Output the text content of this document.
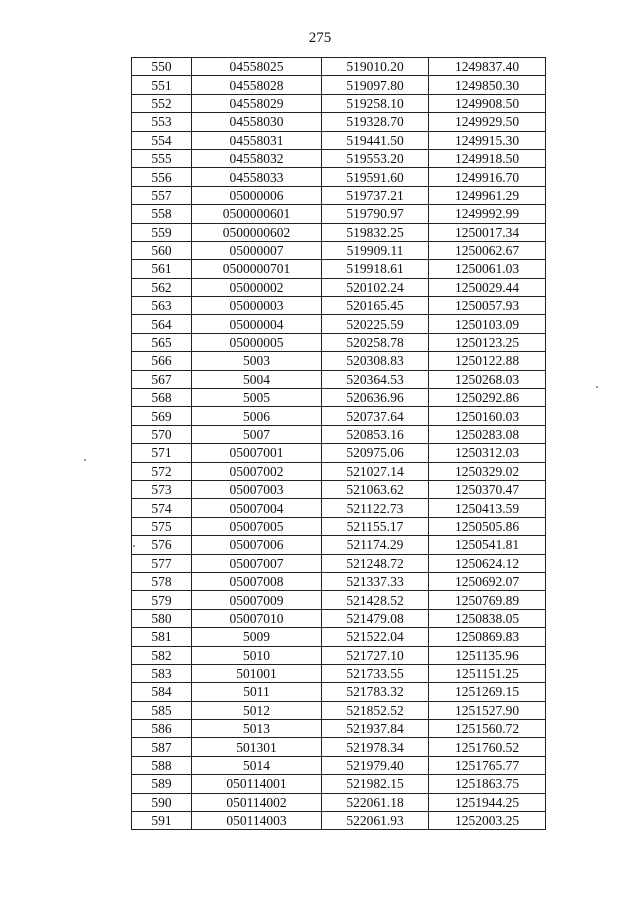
275
550	04558025	519010.20	1249837.40
551	04558028	519097.80	1249850.30
552	04558029	519258.10	1249908.50
553	04558030	519328.70	1249929.50
554	04558031	519441.50	1249915.30
555	04558032	519553.20	1249918.50
556	04558033	519591.60	1249916.70
557	05000006	519737.21	1249961.29
558	0500000601	519790.97	1249992.99
559	0500000602	519832.25	1250017.34
560	05000007	519909.11	1250062.67
561	0500000701	519918.61	1250061.03
562	05000002	520102.24	1250029.44
563	05000003	520165.45	1250057.93
564	05000004	520225.59	1250103.09
565	05000005	520258.78	1250123.25
566	5003	520308.83	1250122.88
567	5004	520364.53	1250268.03
568	5005	520636.96	1250292.86
569	5006	520737.64	1250160.03
570	5007	520853.16	1250283.08
571	05007001	520975.06	1250312.03
572	05007002	521027.14	1250329.02
573	05007003	521063.62	1250370.47
574	05007004	521122.73	1250413.59
575	05007005	521155.17	1250505.86
576	05007006	521174.29	1250541.81
577	05007007	521248.72	1250624.12
578	05007008	521337.33	1250692.07
579	05007009	521428.52	1250769.89
580	05007010	521479.08	1250838.05
581	5009	521522.04	1250869.83
582	5010	521727.10	1251135.96
583	501001	521733.55	1251151.25
584	5011	521783.32	1251269.15
585	5012	521852.52	1251527.90
586	5013	521937.84	1251560.72
587	501301	521978.34	1251760.52
588	5014	521979.40	1251765.77
589	050114001	521982.15	1251863.75
590	050114002	522061.18	1251944.25
591	050114003	522061.93	1252003.25
